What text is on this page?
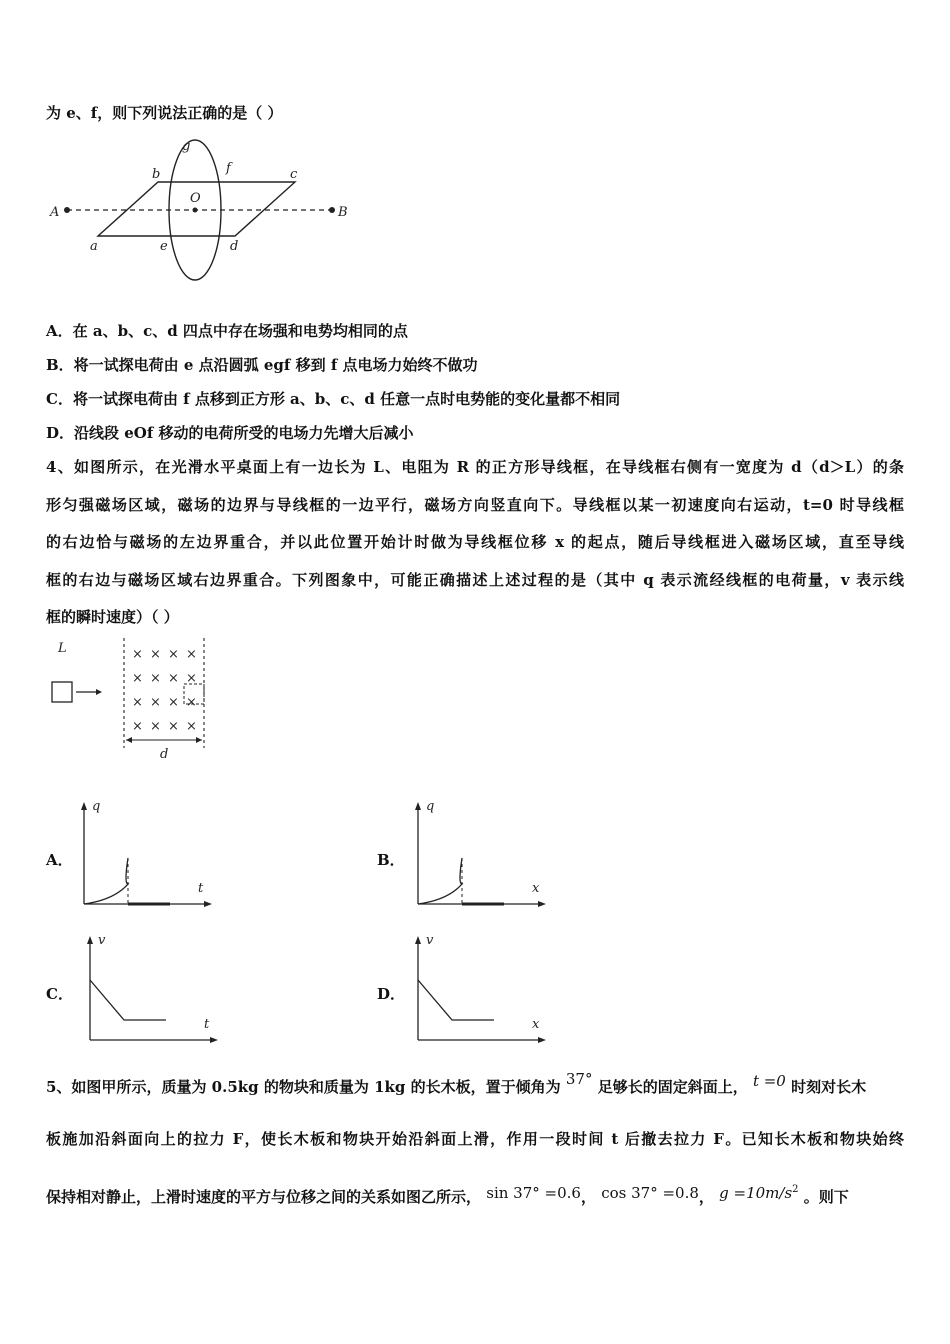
为 e、f，则下列说法正确的是（ ）
A	B
O
a
b	c
d
e
f
g
A．在 a、b、c、d 四点中存在场强和电势均相同的点
B．将一试探电荷由 e 点沿圆弧 egf 移到 f 点电场力始终不做功
C．将一试探电荷由 f 点移到正方形 a、b、c、d 任意一点时电势能的变化量都不相同
D．沿线段 eOf 移动的电荷所受的电场力先增大后减小
4、如图所示，在光滑水平桌面上有一边长为 L、电阻为 R 的正方形导线框，在导线框右侧有一宽度为 d（d＞L）的条
形匀强磁场区域，磁场的边界与导线框的一边平行，磁场方向竖直向下。导线框以某一初速度向右运动，t=0 时导线框
的右边恰与磁场的左边界重合，并以此位置开始计时做为导线框位移 x 的起点，随后导线框进入磁场区域，直至导线
框的右边与磁场区域右边界重合。下列图象中，可能正确描述上述过程的是（其中 q 表示流经线框的电荷量，v 表示线
框的瞬时速度）（ ）
L	× × × ×
× × × ×
× × × ×
× × × ×
d
A．
q
t
B．
q
x
C．
v
t
D．
v
x
5、如图甲所示，质量为 0.5kg 的物块和质量为 1kg 的长木板，置于倾角为 37° 足够长的固定斜面上， t =0 时刻对长木
板施加沿斜面向上的拉力 F，使长木板和物块开始沿斜面上滑，作用一段时间 t 后撤去拉力 F。已知长木板和物块始终
保持相对静止，上滑时速度的平方与位移之间的关系如图乙所示， sin 37° =0.6， cos 37° =0.8， $g =10m/s^2$ 。则下
